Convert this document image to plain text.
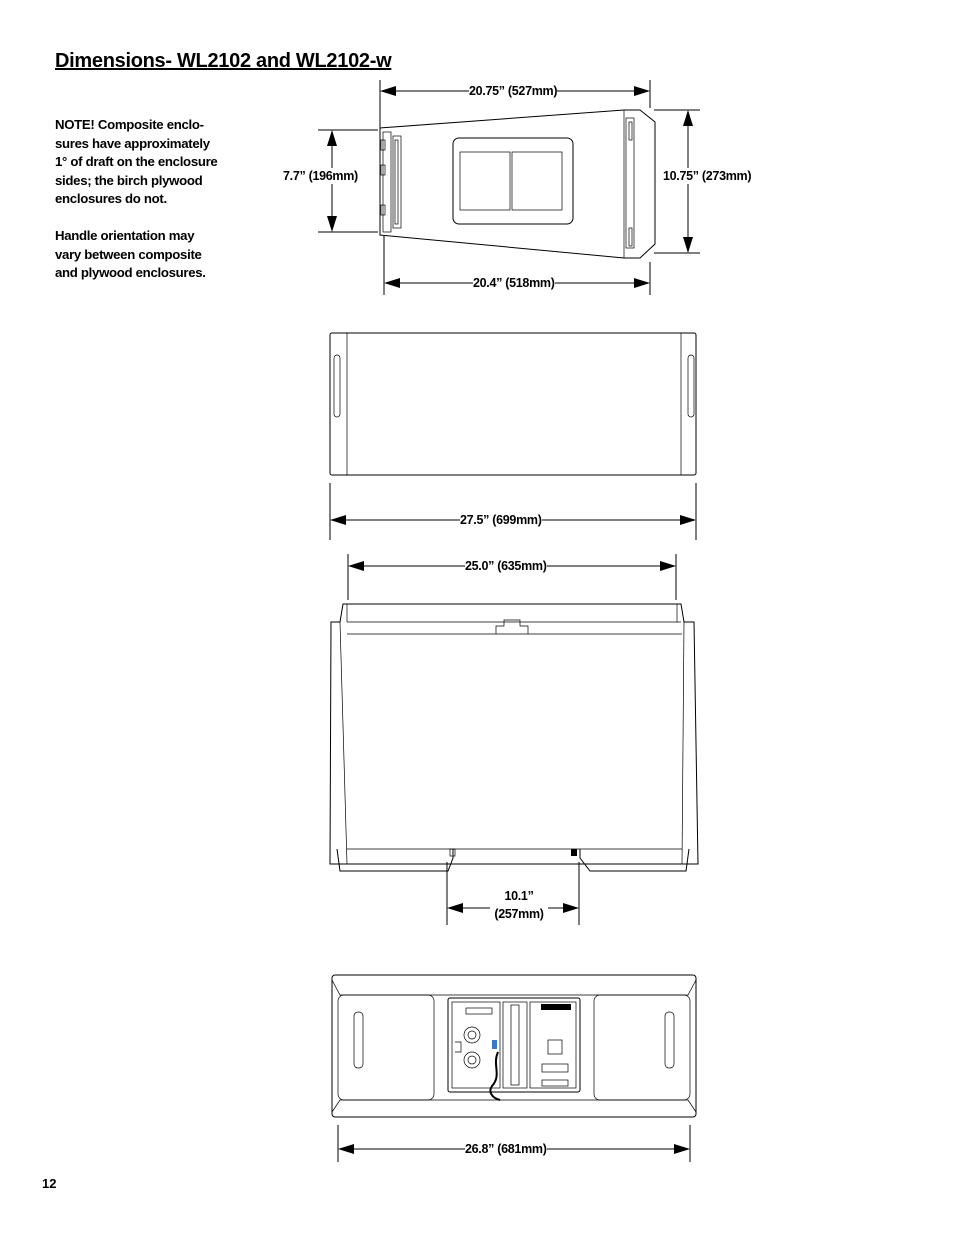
Dimensions- WL2102 and WL2102-w
NOTE! Composite enclo-
sures have approximately
1° of draft on the enclosure
sides; the birch plywood
enclosures do not.
Handle orientation may
vary between composite
and plywood enclosures.
20.75” (527mm)
20.4” (518mm)
7.7” (196mm)	10.75” (273mm)
27.5” (699mm)
25.0” (635mm)
10.1”
(257mm)
26.8” (681mm)
12
